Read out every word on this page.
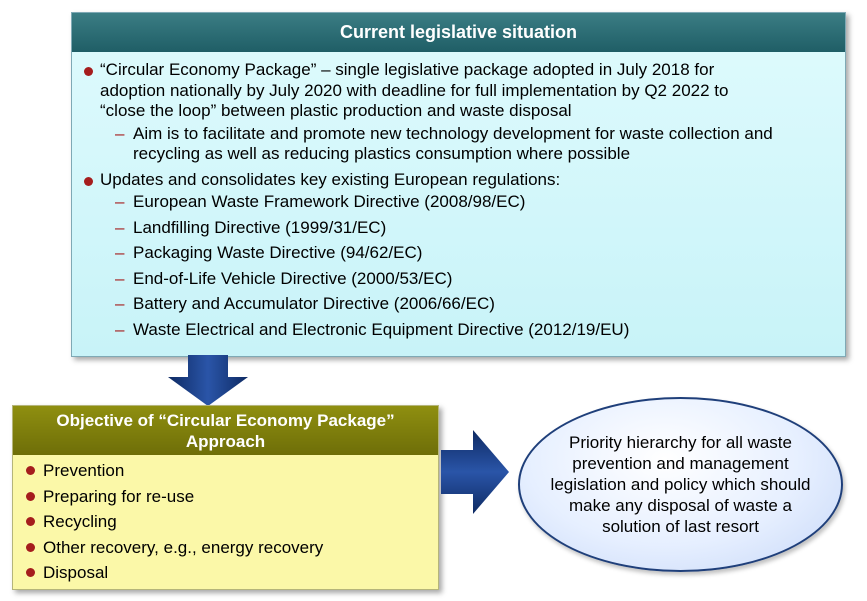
Current legislative situation
“Circular Economy Package” – single legislative package adopted in July 2018 for
adoption nationally by July 2020 with deadline for full implementation by Q2 2022 to
“close the loop” between plastic production and waste disposal
– Aim is to facilitate and promote new technology development for waste collection and
recycling as well as reducing plastics consumption where possible
Updates and consolidates key existing European regulations:
– European Waste Framework Directive (2008/98/EC)
– Landfilling Directive (1999/31/EC)
– Packaging Waste Directive (94/62/EC)
– End-of-Life Vehicle Directive (2000/53/EC)
– Battery and Accumulator Directive (2006/66/EC)
– Waste Electrical and Electronic Equipment Directive (2012/19/EU)
Objective of “Circular Economy Package”
Approach
Prevention
Preparing for re-use
Recycling
Other recovery, e.g., energy recovery
Disposal
Priority hierarchy for all waste
prevention and management
legislation and policy which should
make any disposal of waste a
solution of last resort
